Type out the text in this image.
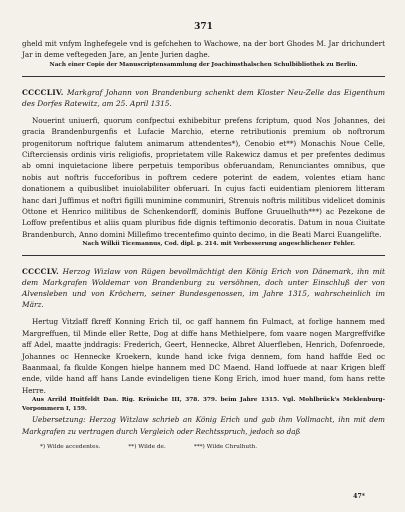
371

gheld mit vnfym Inghefegele vnd is gefchehen to Wachowe, na der bort Ghodes M. Jar drichundert Jar in deme veftegeden Jare, an Jente Jurien daghe.

Nach einer Copie der Manuscriptensammlung der Joachimsthalschen Schulbibliothek zu Berlin.

CCCCLIV. Markgraf Johann von Brandenburg schenkt dem Kloster Neu-Zelle das Eigenthum des Dorfes Ratewitz, am 25. April 1315.

Nouerint uniuerfi, quorum confpectui exhibebitur prefens fcriptum, quod Nos Johannes, dei gracia Brandenburgenfis et Lufacie Marchio, eterne retributionis premium ob noftrorum progenitorum noftrique falutem animarum attendentes*), Cenobio et**) Monachis Noue Celle, Cifterciensis ordinis viris religiofis, proprietatem ville Rakewicz damus et per prefentes dedimus ab omni inquietacione libere perpetuis temporibus obferuandam, Renunciantes omnibus, que nobis aut noftris fucceforibus in poftrem cedere poterint de eadem, volentes etiam hanc donationem a quibuslibet inuiolabiliter obferuari. In cujus facti euidentiam pleniorem litteram hanc dari Juffimus et noftri figilli munimine communiri, Strenuis noftris militibus videlicet dominis Ottone et Henrico militibus de Schenkendorff, dominis Buffone Gruuelhuth***) ac Pezekone de Loffow prefentibus et aliis quam pluribus fide dignis teftimonio decoratis. Datum in noua Ciuitate Brandenburch, Anno domini Millefimo trecentefimo quinto decimo, in die Beati Marci Euangelifte.

Nach Wilkii Ticemannus, Cod. dipl. p. 214. mit Verbesserung angeschlichener Fehler.

CCCCLV. Herzog Wizlaw von Rügen bevollmächtigt den König Erich von Dänemark, ihn mit dem Markgrafen Woldemar von Brandenburg zu versöhnen, doch unter Einschluß der von Alvensleben und von Kröchern, seiner Bundesgenossen, im Jahre 1315, wahrscheinlich im März.

Hertug Vitzlaff fkreff Konning Erich til, oc gaff hannem fin Fulmact, at forlige hannem med Margreffuen, til Minde eller Rette, Dog at diffe hans Methielpere, fom vaare nogen Margreffvifke aff Adel, maatte jnddragis: Frederich, Geert, Hennecke, Albret Aluerfleben, Henrich, Dofenroede, Johannes oc Hennecke Kroekern, kunde hand icke fviga dennem, fom hand haffde Eed oc Baanmaal, fa fkulde Kongen hielpe hannem med DC Maend. Hand loffuede at naar Krigen bleff ende, vilde hand aff hans Lande evindeligen tiene Kong Erich, imod huer mand, fom hans rette Herre.

Aus Arrild Huitfeldt Dan. Rig. Kröniche III, 378. 379. beim Jahre 1315. Vgl. Mohlbrück's Meklenburg-Vorpommern I, 159.

Uebersetzung: Herzog Witzlaw schrieb an König Erich und gab ihm Vollmacht, ihn mit dem Markgrafen zu vertragen durch Vergleich oder Rechtsspruch, jedoch so daß

*) Wilde accedentes.	**) Wilde de.	***) Wilde Chrulhuth.
47*
